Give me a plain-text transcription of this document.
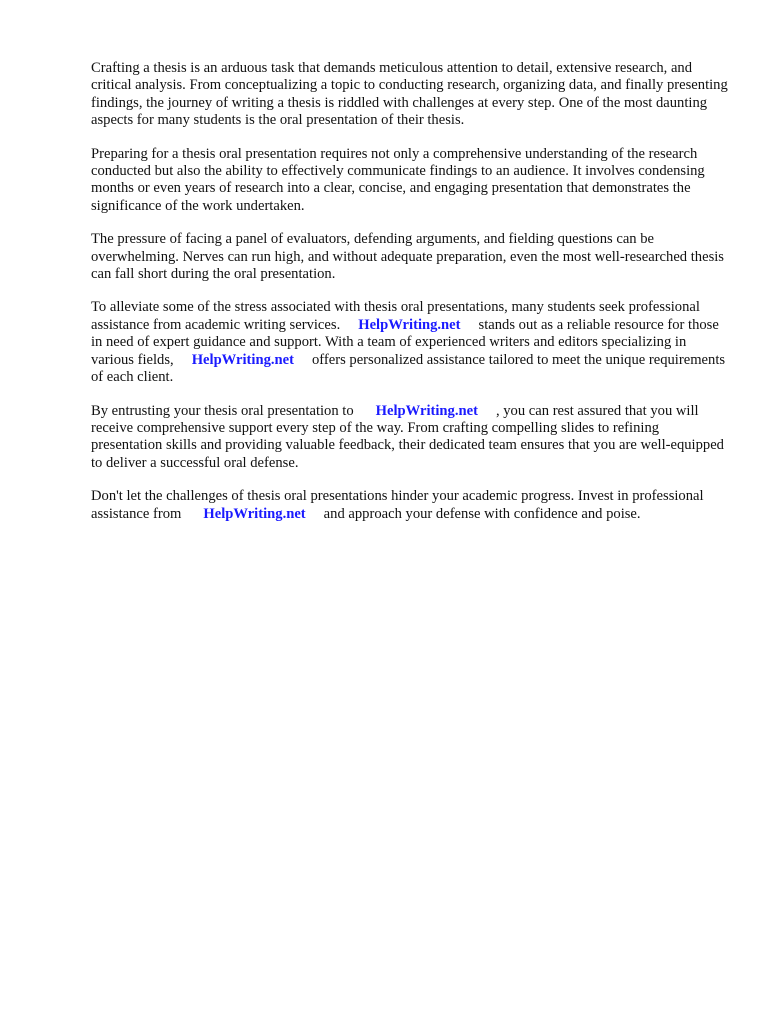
Crafting a thesis is an arduous task that demands meticulous attention to detail, extensive research, and critical analysis. From conceptualizing a topic to conducting research, organizing data, and finally presenting findings, the journey of writing a thesis is riddled with challenges at every step. One of the most daunting aspects for many students is the oral presentation of their thesis.

Preparing for a thesis oral presentation requires not only a comprehensive understanding of the research conducted but also the ability to effectively communicate findings to an audience. It involves condensing months or even years of research into a clear, concise, and engaging presentation that demonstrates the significance of the work undertaken.

The pressure of facing a panel of evaluators, defending arguments, and fielding questions can be overwhelming. Nerves can run high, and without adequate preparation, even the most well-researched thesis can fall short during the oral presentation.

To alleviate some of the stress associated with thesis oral presentations, many students seek professional assistance from academic writing services. HelpWriting.net stands out as a reliable resource for those in need of expert guidance and support. With a team of experienced writers and editors specializing in various fields, HelpWriting.net offers personalized assistance tailored to meet the unique requirements of each client.

By entrusting your thesis oral presentation to HelpWriting.net , you can rest assured that you will receive comprehensive support every step of the way. From crafting compelling slides to refining presentation skills and providing valuable feedback, their dedicated team ensures that you are well-equipped to deliver a successful oral defense.

Don't let the challenges of thesis oral presentations hinder your academic progress. Invest in professional assistance from HelpWriting.net and approach your defense with confidence and poise.
